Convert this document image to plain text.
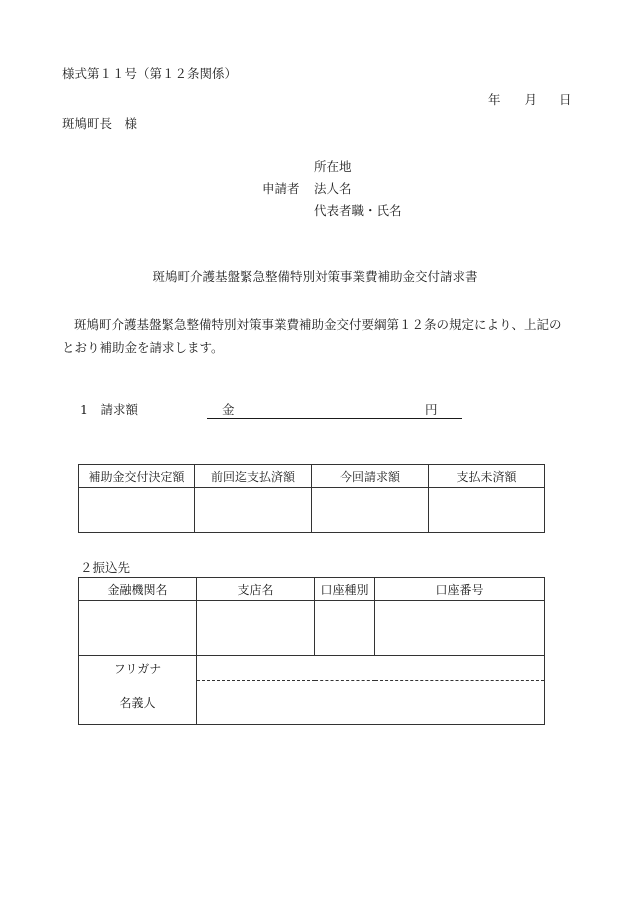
様式第１１号（第１２条関係）
年 月 日
斑鳩町長　様
所在地
申請者 法人名
代表者職・氏名
斑鳩町介護基盤緊急整備特別対策事業費補助金交付請求書
斑鳩町介護基盤緊急整備特別対策事業費補助金交付要綱第１２条の規定により、上記のとおり補助金を請求します。
1　請求額	金	円
補助金交付決定額	前回迄支払済額	今回請求額	支払未済額

２振込先
金融機関名	支店名	口座種別	口座番号

フリガナ			
名義人			
